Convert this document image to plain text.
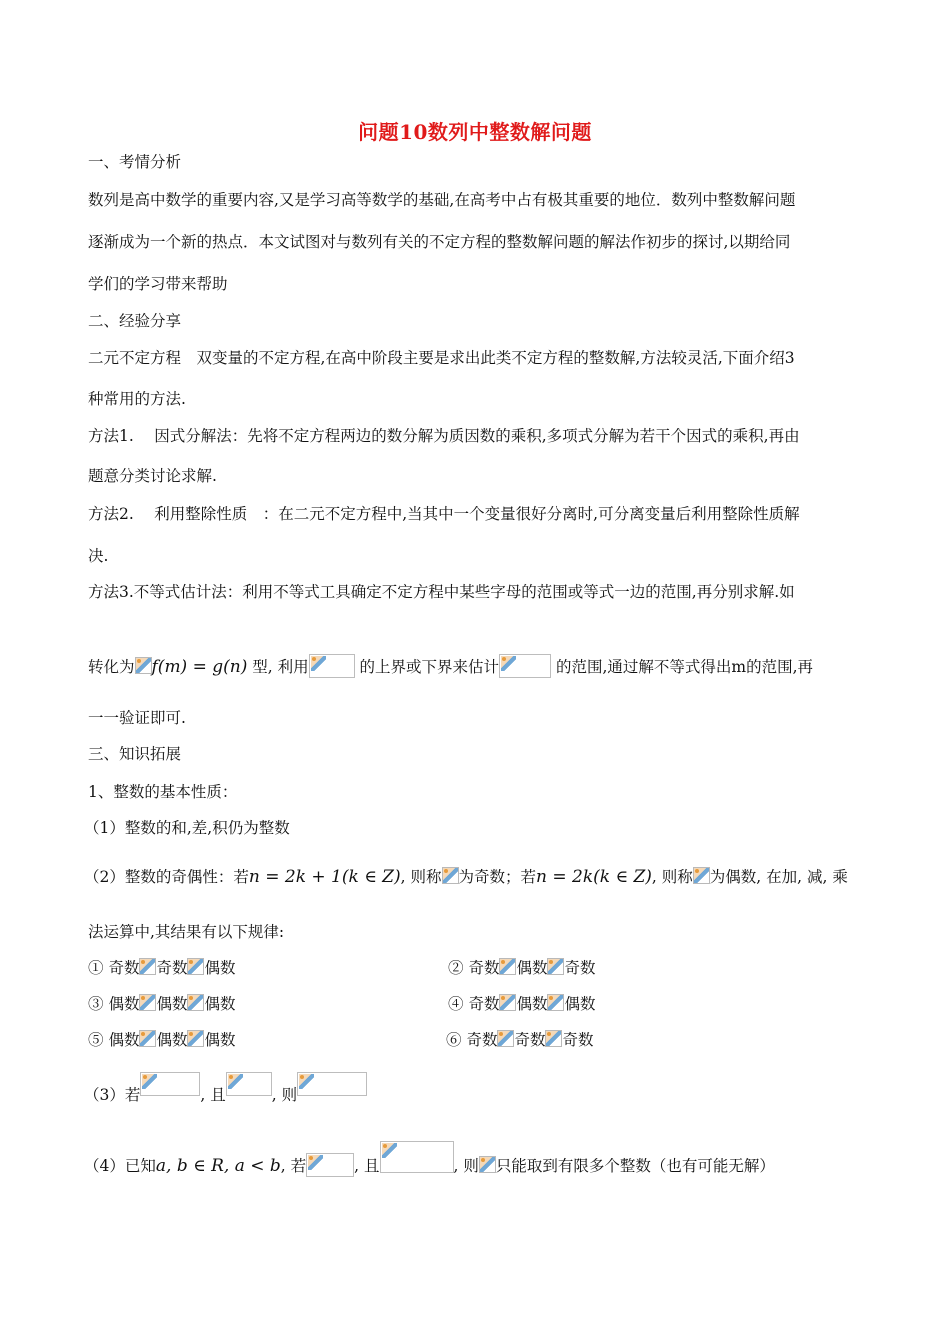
问题10数列中整数解问题
一、考情分析
数列是高中数学的重要内容,又是学习高等数学的基础,在高考中占有极其重要的地位．数列中整数解问题
逐渐成为一个新的热点．本文试图对与数列有关的不定方程的整数解问题的解法作初步的探讨,以期给同
学们的学习带来帮助
二、经验分享
二元不定方程　双变量的不定方程,在高中阶段主要是求出此类不定方程的整数解,方法较灵活,下面介绍3
种常用的方法.
方法1.　 因式分解法：先将不定方程两边的数分解为质因数的乘积,多项式分解为若干个因式的乘积,再由
题意分类讨论求解.
方法2.　 利用整除性质　：在二元不定方程中,当其中一个变量很好分离时,可分离变量后利用整除性质解
决.
方法3.不等式估计法：利用不等式工具确定不定方程中某些字母的范围或等式一边的范围,再分别求解.如
转化为 f(m) = g(n) 型, 利用	的上界或下界来估计	的范围,通过解不等式得出m的范围,再
一一验证即可.
三、知识拓展
1、整数的基本性质：
（1）整数的和,差,积仍为整数
（2）整数的奇偶性：若n = 2k + 1(k ∈ Z), 则称 为奇数；若n = 2k(k ∈ Z), 则称 为偶数, 在加, 减, 乘
法运算中,其结果有以下规律:
① 奇数 奇数 偶数	② 奇数 偶数 奇数
③ 偶数 偶数 偶数	④ 奇数 偶数 偶数
⑤ 偶数 偶数 偶数	⑥ 奇数 奇数 奇数
（3）若	, 且	, 则
（4）已知a, b ∈ R, a < b, 若	, 且	, 则 只能取到有限多个整数（也有可能无解）
